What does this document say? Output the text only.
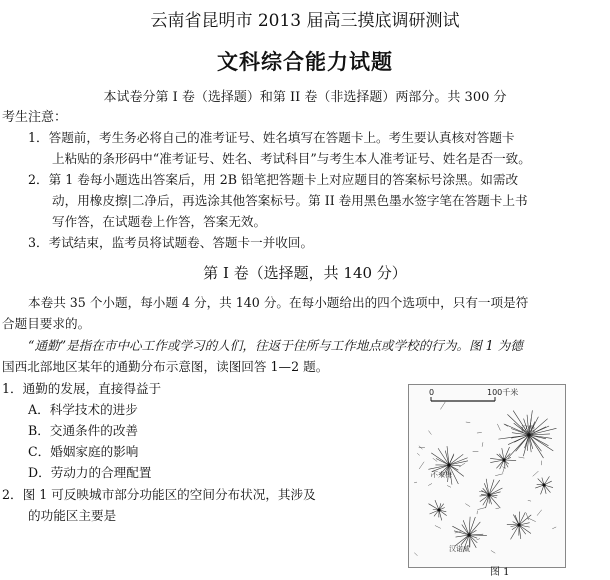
云南省昆明市 2013 届高三摸底调研测试
文科综合能力试题
本试卷分第 I 卷（选择题）和第 II 卷（非选择题）两部分。共 300 分
考生注意：
1．答题前，考生务必将自己的准考证号、姓名填写在答题卡上。考生要认真核对答题卡
上粘贴的条形码中“准考证号、姓名、考试科目”与考生本人准考证号、姓名是否一致。
2．第 1 卷每小题选出答案后，用 2B 铅笔把答题卡上对应题目的答案标号涂黑。如需改
动，用橡皮擦|二净后，再选涂其他答案标号。第 II 卷用黑色墨水签字笔在答题卡上书
写作答，在试题卷上作答，答案无效。
3．考试结束，监考员将试题卷、答题卡一并收回。
第 I 卷（选择题，共 140 分）
本卷共 35 个小题，每小题 4 分，共 140 分。在每小题给出的四个选项中，只有一项是符
合题目要求的。
“通勤”是指在市中心工作或学习的人们，往返于住所与工作地点或学校的行为。图 1 为德
国西北部地区某年的通勤分布示意图，读图回答 1—2 题。
1．通勤的发展，直接得益于
A．科学技术的进步
B．交通条件的改善
C．婚姻家庭的影响
D．劳动力的合理配置
2．图 1 可反映城市部分功能区的空间分布状况，其涉及
的功能区主要是
0	100千米
汉堡
不来梅
汉诺威
图 1
